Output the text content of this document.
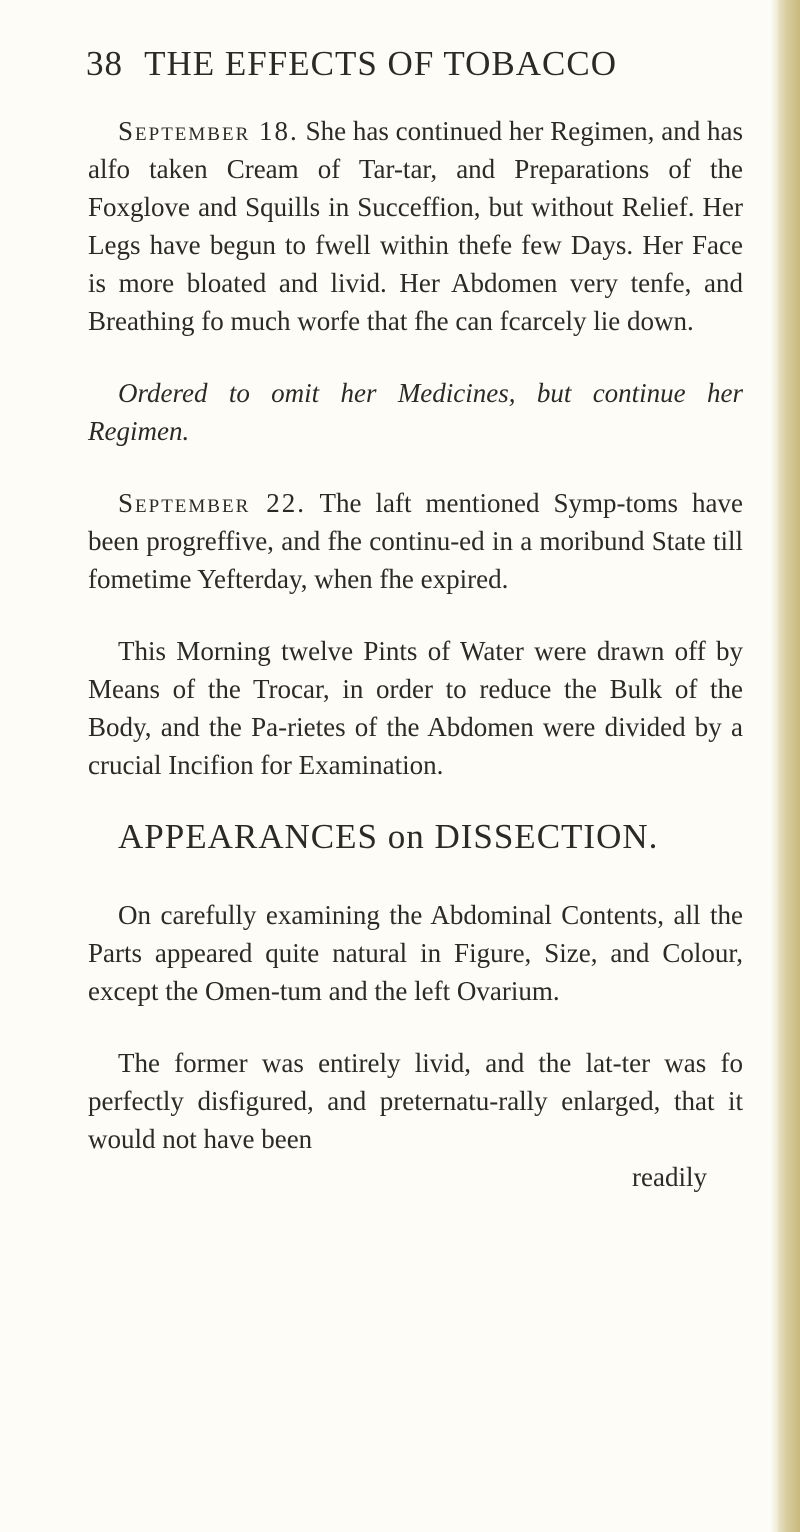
38 THE EFFECTS OF TOBACCO

September 18. She has continued her Regimen, and has alfo taken Cream of Tar-tar, and Preparations of the Foxglove and Squills in Succeffion, but without Relief. Her Legs have begun to fwell within thefe few Days. Her Face is more bloated and livid. Her Abdomen very tenfe, and Breathing fo much worfe that fhe can fcarcely lie down.

Ordered to omit her Medicines, but continue her Regimen.

September 22. The laft mentioned Symp-toms have been progreffive, and fhe continu-ed in a moribund State till fometime Yefterday, when fhe expired.

This Morning twelve Pints of Water were drawn off by Means of the Trocar, in order to reduce the Bulk of the Body, and the Pa-rietes of the Abdomen were divided by a crucial Incifion for Examination.

APPEARANCES on DISSECTION.

On carefully examining the Abdominal Contents, all the Parts appeared quite natural in Figure, Size, and Colour, except the Omen-tum and the left Ovarium.

The former was entirely livid, and the lat-ter was fo perfectly disfigured, and preternatu-rally enlarged, that it would not have been

readily
